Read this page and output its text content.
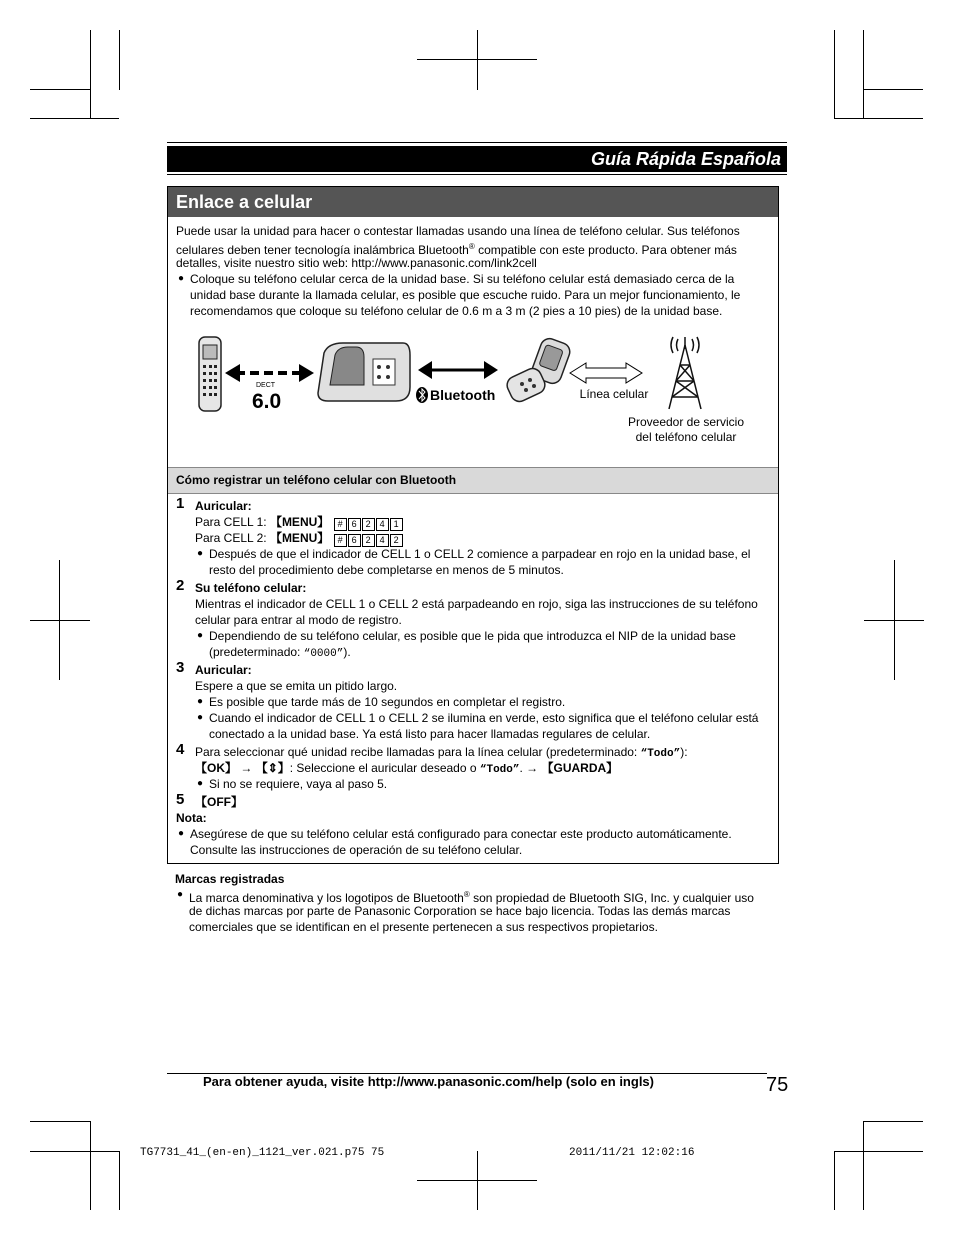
Guía Rápida Española
Enlace a celular
Puede usar la unidad para hacer o contestar llamadas usando una línea de teléfono celular. Sus teléfonos
celulares deben tener tecnología inalámbrica Bluetooth® compatible con este producto. Para obtener más
detalles, visite nuestro sitio web: http://www.panasonic.com/link2cell
● Coloque su teléfono celular cerca de la unidad base. Si su teléfono celular está demasiado cerca de la
unidad base durante la llamada celular, es posible que escuche ruido. Para un mejor funcionamiento, le
recomendamos que coloque su teléfono celular de 0.6 m a 3 m (2 pies a 10 pies) de la unidad base.
DECT
6.0	Bluetooth	Línea celular
Proveedor de servicio
del teléfono celular
Cómo registrar un teléfono celular con Bluetooth
1 Auricular:
Para CELL 1: 【MENU】 # 6 2 4 1
Para CELL 2: 【MENU】 # 6 2 4 2
● Después de que el indicador de CELL 1 o CELL 2 comience a parpadear en rojo en la unidad base, el
resto del procedimiento debe completarse en menos de 5 minutos.
2 Su teléfono celular:
Mientras el indicador de CELL 1 o CELL 2 está parpadeando en rojo, siga las instrucciones de su teléfono
celular para entrar al modo de registro.
● Dependiendo de su teléfono celular, es posible que le pida que introduzca el NIP de la unidad base
(predeterminado: “0000”).
3 Auricular:
Espere a que se emita un pitido largo.
● Es posible que tarde más de 10 segundos en completar el registro.
● Cuando el indicador de CELL 1 o CELL 2 se ilumina en verde, esto significa que el teléfono celular está
conectado a la unidad base. Ya está listo para hacer llamadas regulares de celular.
4 Para seleccionar qué unidad recibe llamadas para la línea celular (predeterminado: “Todo”):
【OK】 → 【⇕】: Seleccione el auricular deseado o “Todo”. → 【GUARDA】
● Si no se requiere, vaya al paso 5.
5 【OFF】
Nota:
● Asegúrese de que su teléfono celular está configurado para conectar este producto automáticamente.
Consulte las instrucciones de operación de su teléfono celular.
Marcas registradas
● La marca denominativa y los logotipos de Bluetooth® son propiedad de Bluetooth SIG, Inc. y cualquier uso
de dichas marcas por parte de Panasonic Corporation se hace bajo licencia. Todas las demás marcas
comerciales que se identifican en el presente pertenecen a sus respectivos propietarios.
Para obtener ayuda, visite http://www.panasonic.com/help (solo en ingls)	75
TG7731_41_(en-en)_1121_ver.021.p75 75	2011/11/21 12:02:16
